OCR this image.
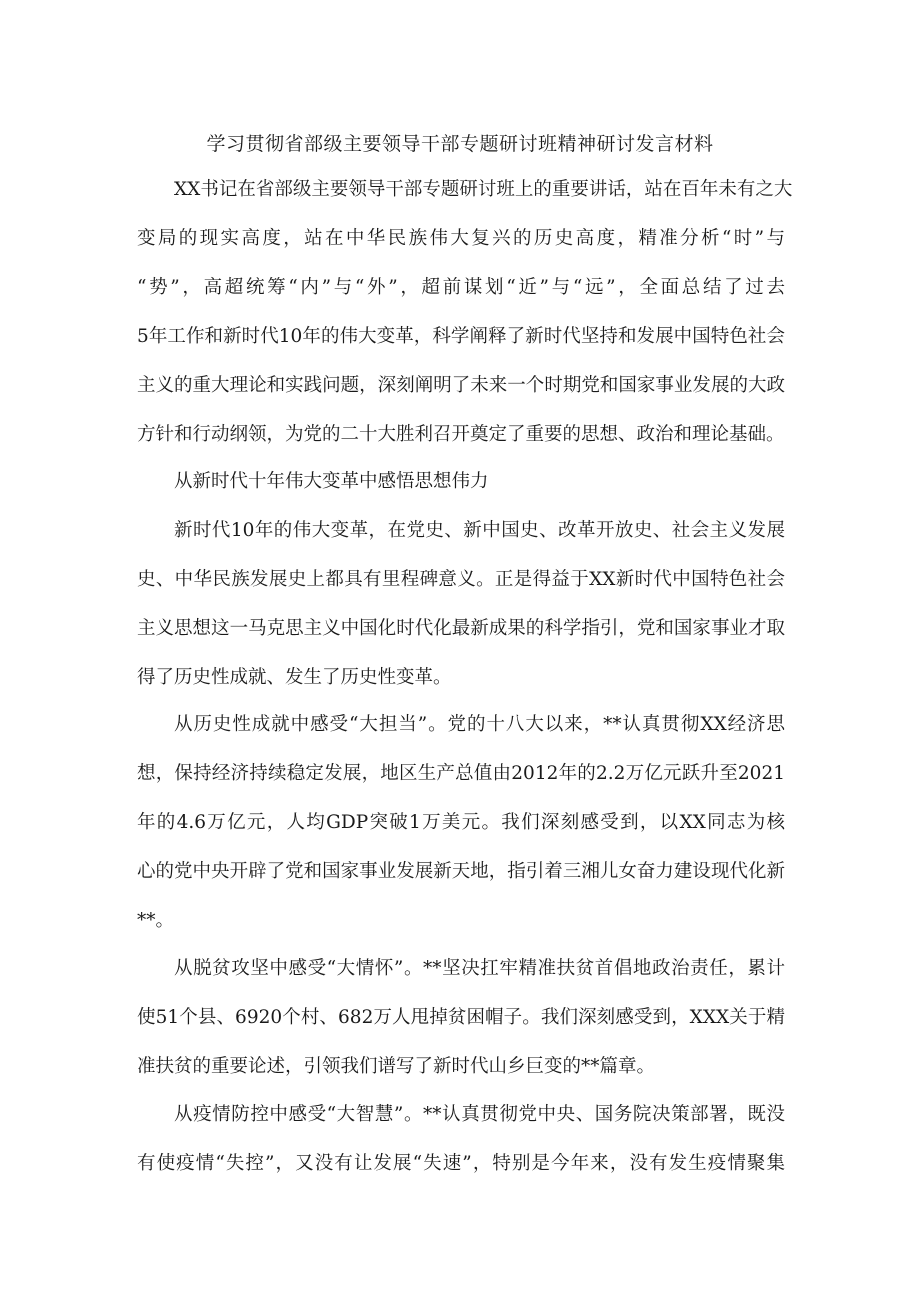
学习贯彻省部级主要领导干部专题研讨班精神研讨发言材料
XX书记在省部级主要领导干部专题研讨班上的重要讲话，站在百年未有之大
变局的现实高度，站在中华民族伟大复兴的历史高度，精准分析“时”与
“势”，高超统筹“内”与“外”，超前谋划“近”与“远”，全面总结了过去
5年工作和新时代10年的伟大变革，科学阐释了新时代坚持和发展中国特色社会
主义的重大理论和实践问题，深刻阐明了未来一个时期党和国家事业发展的大政
方针和行动纲领，为党的二十大胜利召开奠定了重要的思想、政治和理论基础。
从新时代十年伟大变革中感悟思想伟力
新时代10年的伟大变革，在党史、新中国史、改革开放史、社会主义发展
史、中华民族发展史上都具有里程碑意义。正是得益于XX新时代中国特色社会
主义思想这一马克思主义中国化时代化最新成果的科学指引，党和国家事业才取
得了历史性成就、发生了历史性变革。
从历史性成就中感受“大担当”。党的十八大以来，**认真贯彻XX经济思
想，保持经济持续稳定发展，地区生产总值由2012年的2.2万亿元跃升至2021
年的4.6万亿元，人均GDP突破1万美元。我们深刻感受到，以XX同志为核
心的党中央开辟了党和国家事业发展新天地，指引着三湘儿女奋力建设现代化新
**。
从脱贫攻坚中感受“大情怀”。**坚决扛牢精准扶贫首倡地政治责任，累计
使51个县、6920个村、682万人甩掉贫困帽子。我们深刻感受到，XXX关于精
准扶贫的重要论述，引领我们谱写了新时代山乡巨变的**篇章。
从疫情防控中感受“大智慧”。**认真贯彻党中央、国务院决策部署，既没
有使疫情“失控”，又没有让发展“失速”，特别是今年来，没有发生疫情聚集
